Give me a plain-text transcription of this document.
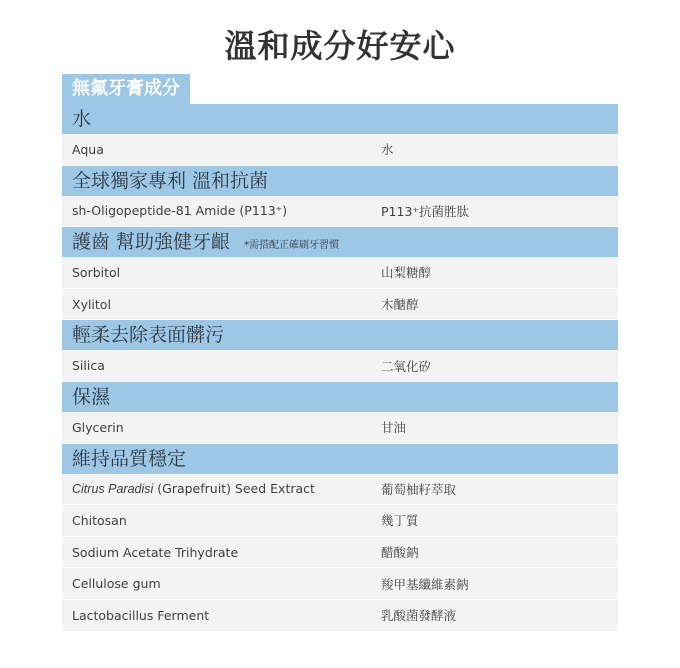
溫和成分好安心
無氟牙膏成分
水
Aqua	水
全球獨家專利 溫和抗菌
sh-Oligopeptide-81 Amide (P113⁺)	P113⁺抗菌胜肽
護齒 幫助強健牙齦 *需搭配正確刷牙習慣
Sorbitol	山梨糖醇
Xylitol	木醣醇
輕柔去除表面髒污
Silica	二氧化矽
保濕
Glycerin	甘油
維持品質穩定
Citrus Paradisi (Grapefruit) Seed Extract	葡萄柚籽萃取
Chitosan	幾丁質
Sodium Acetate Trihydrate	醋酸鈉
Cellulose gum	羧甲基纖維素鈉
Lactobacillus Ferment	乳酸菌發酵液
